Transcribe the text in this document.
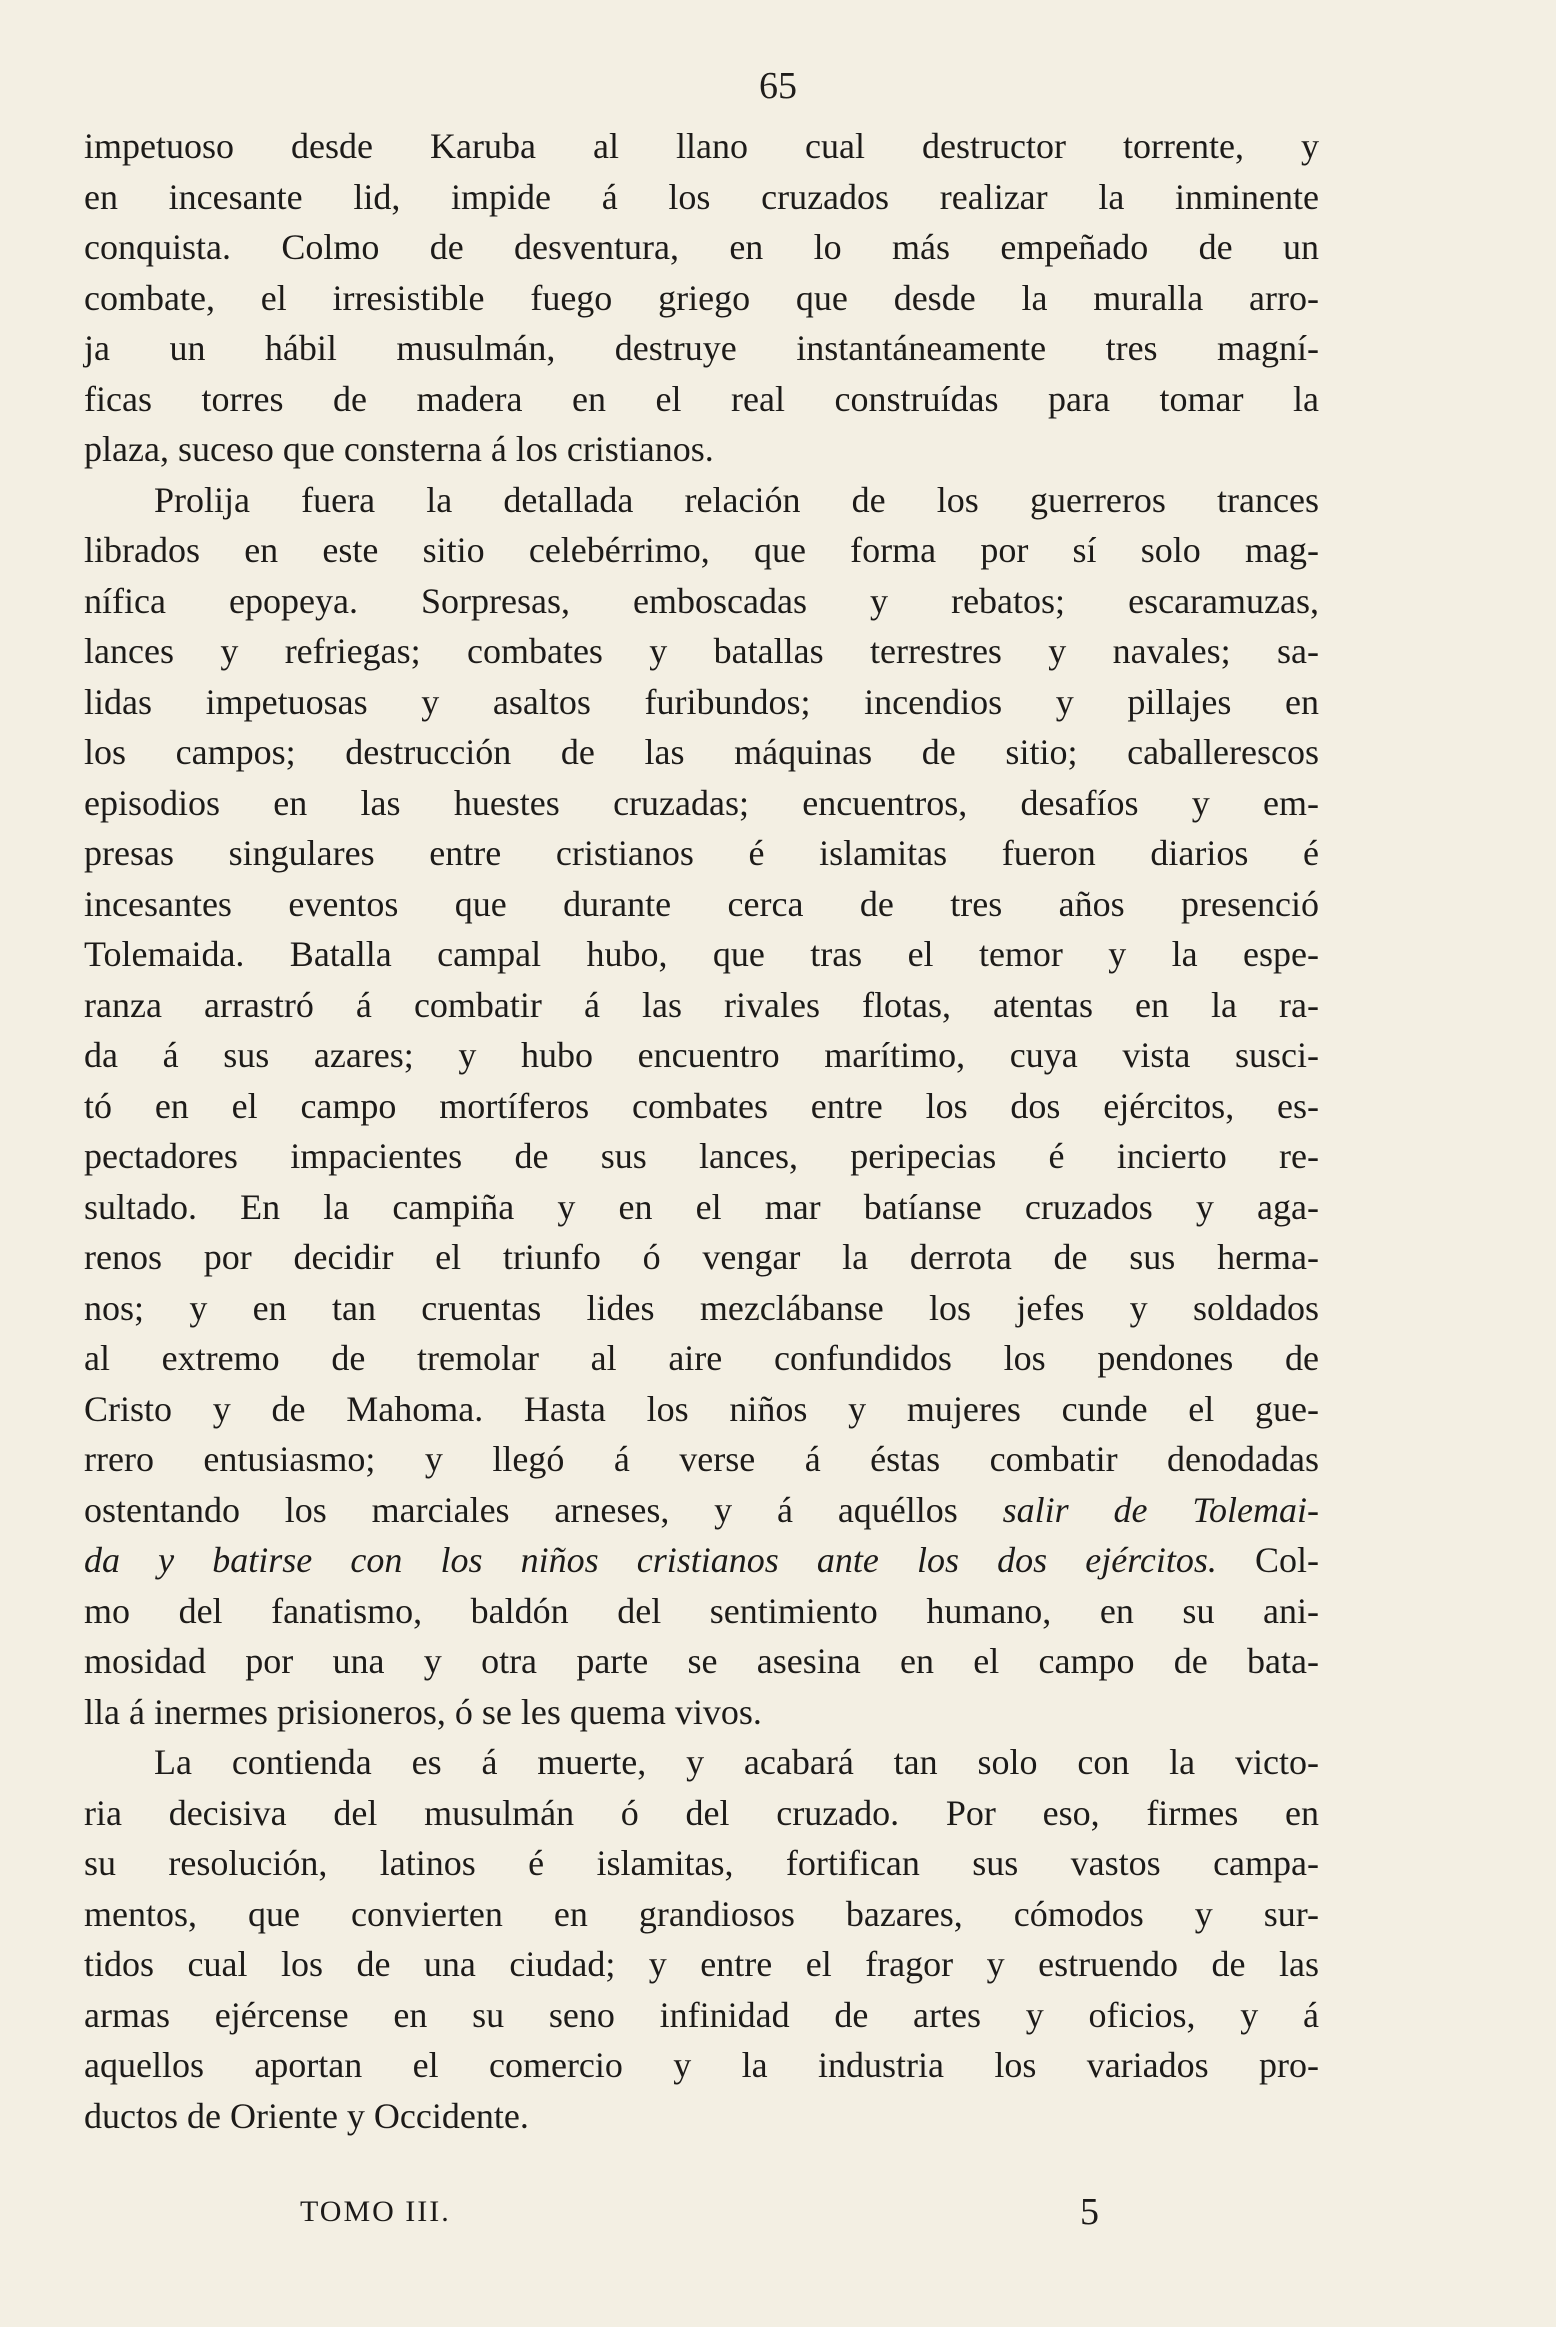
65
impetuoso desde Karuba al llano cual destructor torrente, y
en incesante lid, impide á los cruzados realizar la inminente
conquista. Colmo de desventura, en lo más empeñado de un
combate, el irresistible fuego griego que desde la muralla arro-
ja un hábil musulmán, destruye instantáneamente tres magní-
ficas torres de madera en el real construídas para tomar la
plaza, suceso que consterna á los cristianos.
Prolija fuera la detallada relación de los guerreros trances
librados en este sitio celebérrimo, que forma por sí solo mag-
nífica epopeya. Sorpresas, emboscadas y rebatos; escaramuzas,
lances y refriegas; combates y batallas terrestres y navales; sa-
lidas impetuosas y asaltos furibundos; incendios y pillajes en
los campos; destrucción de las máquinas de sitio; caballerescos
episodios en las huestes cruzadas; encuentros, desafíos y em-
presas singulares entre cristianos é islamitas fueron diarios é
incesantes eventos que durante cerca de tres años presenció
Tolemaida. Batalla campal hubo, que tras el temor y la espe-
ranza arrastró á combatir á las rivales flotas, atentas en la ra-
da á sus azares; y hubo encuentro marítimo, cuya vista susci-
tó en el campo mortíferos combates entre los dos ejércitos, es-
pectadores impacientes de sus lances, peripecias é incierto re-
sultado. En la campiña y en el mar batíanse cruzados y aga-
renos por decidir el triunfo ó vengar la derrota de sus herma-
nos; y en tan cruentas lides mezclábanse los jefes y soldados
al extremo de tremolar al aire confundidos los pendones de
Cristo y de Mahoma. Hasta los niños y mujeres cunde el gue-
rrero entusiasmo; y llegó á verse á éstas combatir denodadas
ostentando los marciales arneses, y á aquéllos salir de Tolemai-
da y batirse con los niños cristianos ante los dos ejércitos. Col-
mo del fanatismo, baldón del sentimiento humano, en su ani-
mosidad por una y otra parte se asesina en el campo de bata-
lla á inermes prisioneros, ó se les quema vivos.
La contienda es á muerte, y acabará tan solo con la victo-
ria decisiva del musulmán ó del cruzado. Por eso, firmes en
su resolución, latinos é islamitas, fortifican sus vastos campa-
mentos, que convierten en grandiosos bazares, cómodos y sur-
tidos cual los de una ciudad; y entre el fragor y estruendo de las
armas ejércense en su seno infinidad de artes y oficios, y á
aquellos aportan el comercio y la industria los variados pro-
ductos de Oriente y Occidente.
TOMO III.	5
